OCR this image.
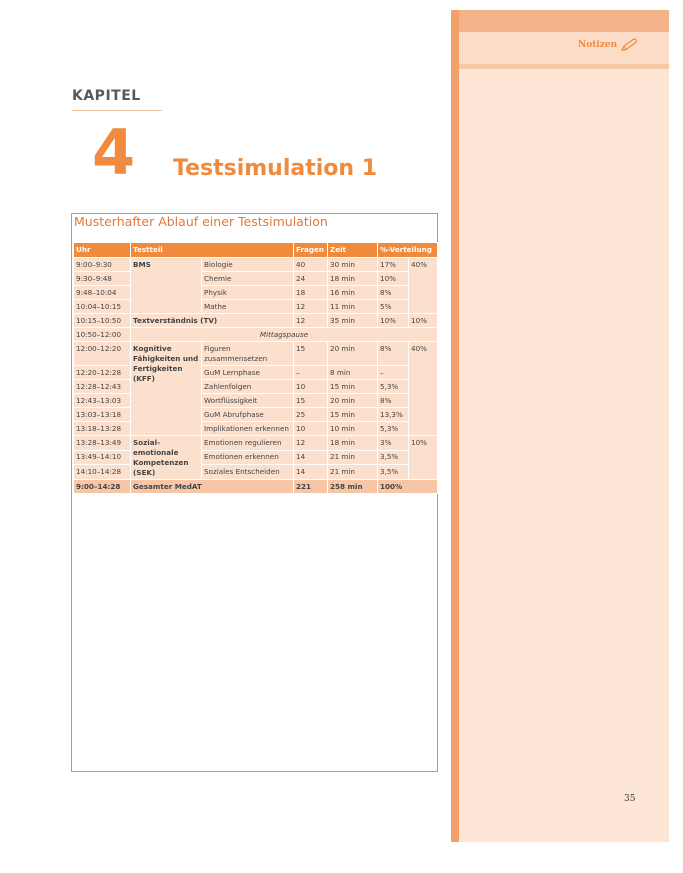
KAPITEL
4 Testsimulation 1
Musterhafter Ablauf einer Testsimulation
Uhr	Testteil		Fragen	Zeit	%-Verteilung	
9:00–9:30	BMS	Biologie	40	30 min	17%	40%
9:30–9:48		Chemie	24	18 min	10%	
9:48–10:04		Physik	18	16 min	8%	
10:04–10:15		Mathe	12	11 min	5%	
10:15–10:50	Textverständnis (TV)		12	35 min	10%	10%
10:50–12:00	Mittagspause					
12:00–12:20	Kognitive Fähigkeiten und Fertigkeiten (KFF)	Figuren zusammensetzen	15	20 min	8%	40%
12:20–12:28		GuM Lernphase	–	8 min	–	
12:28–12:43		Zahlenfolgen	10	15 min	5,3%	
12:43–13:03		Wortflüssigkeit	15	20 min	8%	
13:03–13:18		GuM Abrufphase	25	15 min	13,3%	
13:18–13:28		Implikationen erkennen	10	10 min	5,3%	
13:28–13:49	Sozial-emotionale Kompetenzen (SEK)	Emotionen regulieren	12	18 min	3%	10%
13:49–14:10		Emotionen erkennen	14	21 min	3,5%	
14:10–14:28		Soziales Entscheiden	14	21 min	3,5%	
9:00–14:28	Gesamter MedAT		221	258 min	100%	
Notizen
35
